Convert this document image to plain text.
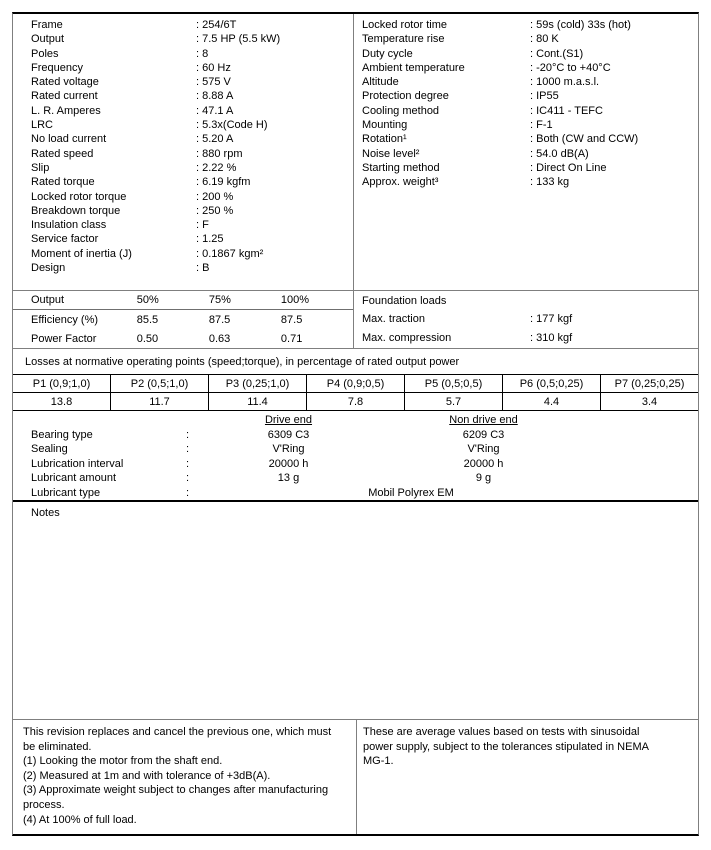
Frame	: 254/6T
Output	: 7.5 HP (5.5 kW)
Poles	: 8
Frequency	: 60 Hz
Rated voltage	: 575 V
Rated current	: 8.88 A
L. R. Amperes	: 47.1 A
LRC	: 5.3x(Code H)
No load current	: 5.20 A
Rated speed	: 880 rpm
Slip	: 2.22 %
Rated torque	: 6.19 kgfm
Locked rotor torque	: 200 %
Breakdown torque	: 250 %
Insulation class	: F
Service factor	: 1.25
Moment of inertia (J)	: 0.1867 kgm²
Design	: B
Locked rotor time	: 59s (cold) 33s (hot)
Temperature rise	: 80 K
Duty cycle	: Cont.(S1)
Ambient temperature	: -20°C to +40°C
Altitude	: 1000 m.a.s.l.
Protection degree	: IP55
Cooling method	: IC411 - TEFC
Mounting	: F-1
Rotation¹	: Both (CW and CCW)
Noise level²	: 54.0 dB(A)
Starting method	: Direct On Line
Approx. weight³	: 133 kg
Output	50%	75%	100%
Efficiency (%)	85.5	87.5	87.5
Power Factor	0.50	0.63	0.71
Foundation loads
Max. traction	: 177 kgf
Max. compression	: 310 kgf
Losses at normative operating points (speed;torque), in percentage of rated output power
P1 (0,9;1,0)	P2 (0,5;1,0)	P3 (0,25;1,0)	P4 (0,9;0,5)	P5 (0,5;0,5)	P6 (0,5;0,25)	P7 (0,25;0,25)
13.8	11.7	11.4	7.8	5.7	4.4	3.4
Drive end	Non drive end
Bearing type :	6309 C3	6209 C3
Sealing :	V'Ring	V'Ring
Lubrication interval :	20000 h	20000 h
Lubricant amount :	13 g	9 g
Lubricant type :	Mobil Polyrex EM
Notes
This revision replaces and cancel the previous one, which must be eliminated.
(1) Looking the motor from the shaft end.
(2) Measured at 1m and with tolerance of +3dB(A).
(3) Approximate weight subject to changes after manufacturing process.
(4) At 100% of full load.
These are average values based on tests with sinusoidal power supply, subject to the tolerances stipulated in NEMA MG-1.
